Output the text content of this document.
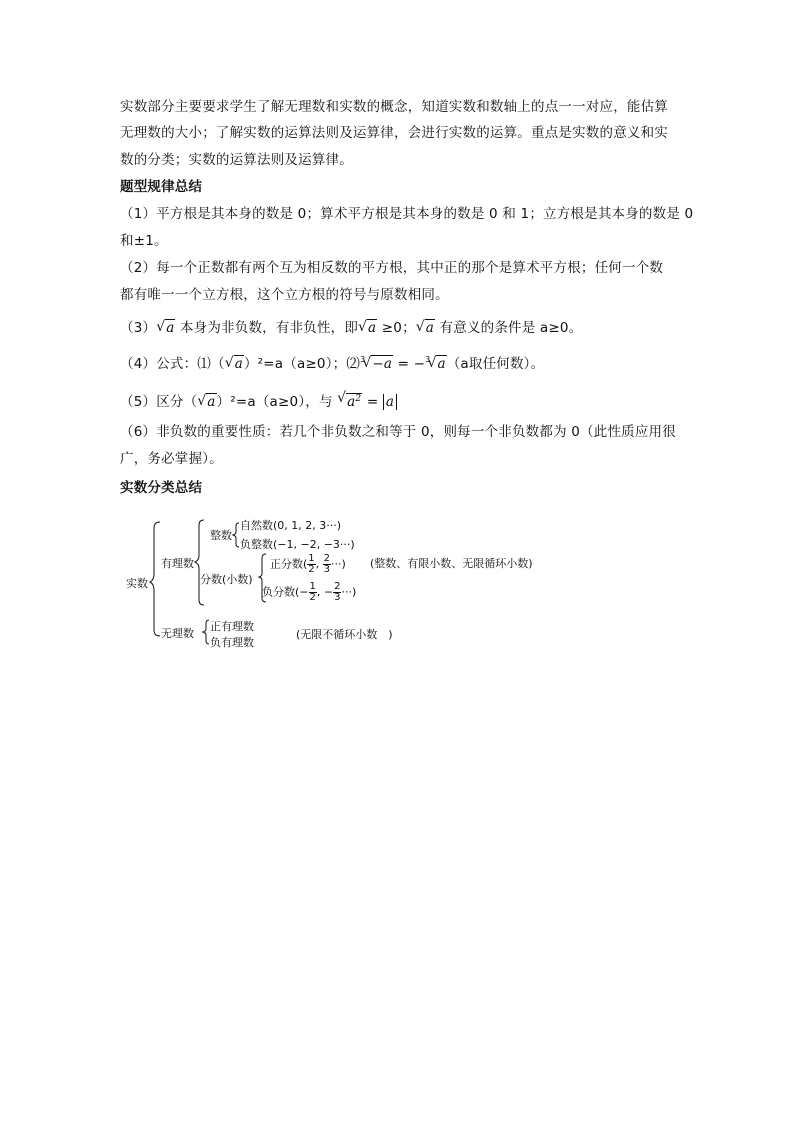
实数部分主要要求学生了解无理数和实数的概念，知道实数和数轴上的点一一对应，能估算
无理数的大小；了解实数的运算法则及运算律，会进行实数的运算。重点是实数的意义和实
数的分类；实数的运算法则及运算律。
题型规律总结
（1）平方根是其本身的数是 0；算术平方根是其本身的数是 0 和 1；立方根是其本身的数是 0
和±1。
（2）每一个正数都有两个互为相反数的平方根，其中正的那个是算术平方根；任何一个数
都有唯一一个立方根，这个立方根的符号与原数相同。
（3） √ a 本身为非负数，有非负性，即 √ a ≥0； √ a 有意义的条件是 a≥0。
（4）公式：⑴（ √ a）²=a（a≥0）；⑵$^3$ √ −a = −$^3$ √ a（a取任何数）。
（5）区分（ √ a）²=a（a≥0），与 √ $a^2 = a$
（6）非负数的重要性质：若几个非负数之和等于 0，则每一个非负数都为 0（此性质应用很
广，务必掌握）。
实数分类总结
实数
有理数
整数
自然数(0, 1, 2, 3···)
负整数(−1, −2, −3···)
分数(小数)
正分数( $\frac{1}{2}$ , $\frac{2}{3}$ ···) (整数、有限小数、无限循环小数)
负分数(− $\frac{1}{2}$ , − $\frac{2}{3}$ ···)
无理数
正有理数
负有理数
(无限不循环小数　)
